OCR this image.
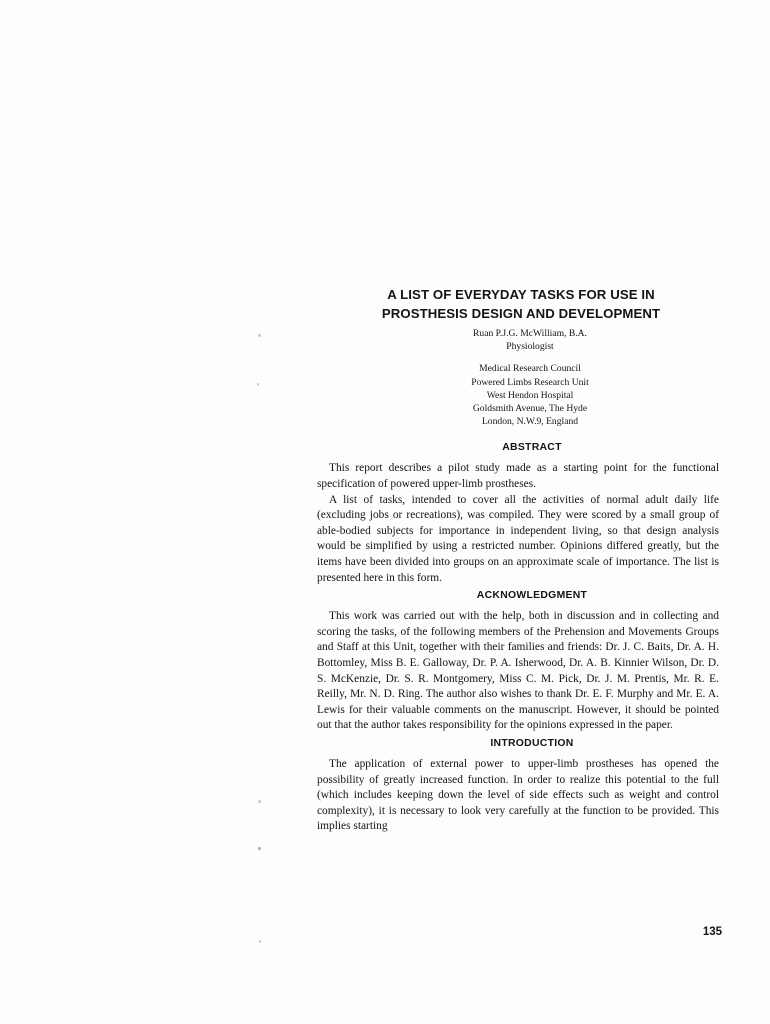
A LIST OF EVERYDAY TASKS FOR USE IN
PROSTHESIS DESIGN AND DEVELOPMENT
Ruan P.J.G. McWilliam, B.A.
Physiologist
Medical Research Council
Powered Limbs Research Unit
West Hendon Hospital
Goldsmith Avenue, The Hyde
London, N.W.9, England
ABSTRACT

This report describes a pilot study made as a starting point for the functional specification of powered upper-limb prostheses.

A list of tasks, intended to cover all the activities of normal adult daily life (excluding jobs or recreations), was compiled. They were scored by a small group of able-bodied subjects for importance in independent living, so that design analysis would be simplified by using a restricted number. Opinions differed greatly, but the items have been divided into groups on an approximate scale of importance. The list is presented here in this form.

ACKNOWLEDGMENT

This work was carried out with the help, both in discussion and in collecting and scoring the tasks, of the following members of the Prehension and Movements Groups and Staff at this Unit, together with their families and friends: Dr. J. C. Baits, Dr. A. H. Bottomley, Miss B. E. Galloway, Dr. P. A. Isherwood, Dr. A. B. Kinnier Wilson, Dr. D. S. McKenzie, Dr. S. R. Montgomery, Miss C. M. Pick, Dr. J. M. Prentis, Mr. R. E. Reilly, Mr. N. D. Ring. The author also wishes to thank Dr. E. F. Murphy and Mr. E. A. Lewis for their valuable comments on the manuscript. However, it should be pointed out that the author takes responsibility for the opinions expressed in the paper.

INTRODUCTION

The application of external power to upper-limb prostheses has opened the possibility of greatly increased function. In order to realize this potential to the full (which includes keeping down the level of side effects such as weight and control complexity), it is necessary to look very carefully at the function to be provided. This implies starting

135
